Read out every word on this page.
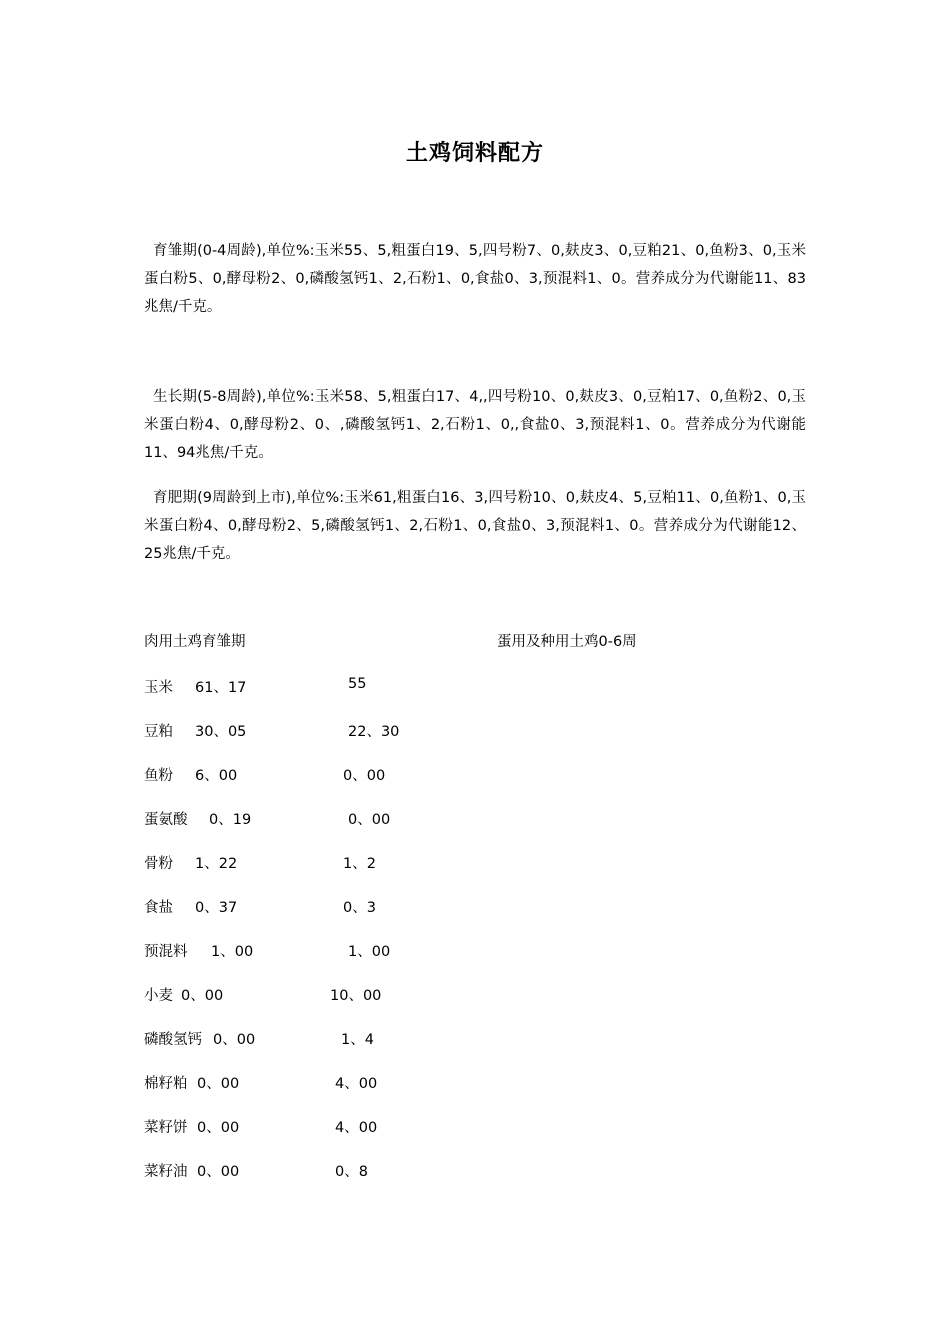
土鸡饲料配方

育雏期(0-4周龄),单位%:玉米55、5,粗蛋白19、5,四号粉7、0,麸皮3、0,豆粕21、0,鱼粉3、0,玉米蛋白粉5、0,酵母粉2、0,磷酸氢钙1、2,石粉1、0,食盐0、3,预混料1、0。营养成分为代谢能11、83兆焦/千克。

生长期(5-8周龄),单位%:玉米58、5,粗蛋白17、4,,四号粉10、0,麸皮3、0,豆粕17、0,鱼粉2、0,玉米蛋白粉4、0,酵母粉2、0、,磷酸氢钙1、2,石粉1、0,,食盐0、3,预混料1、0。营养成分为代谢能11、94兆焦/千克。

育肥期(9周龄到上市),单位%:玉米61,粗蛋白16、3,四号粉10、0,麸皮4、5,豆粕11、0,鱼粉1、0,玉米蛋白粉4、0,酵母粉2、5,磷酸氢钙1、2,石粉1、0,食盐0、3,预混料1、0。营养成分为代谢能12、25兆焦/千克。

肉用土鸡育雏期	蛋用及种用土鸡0-6周
玉米 61、17	55
豆粕 30、05	22、30
鱼粉 6、00	0、00
蛋氨酸 0、19	0、00
骨粉 1、22	1、2
食盐 0、37	0、3
预混料 1、00	1、00
小麦 0、00	10、00
磷酸氢钙 0、00	1、4
棉籽粕 0、00	4、00
菜籽饼 0、00	4、00
菜籽油 0、00	0、8
